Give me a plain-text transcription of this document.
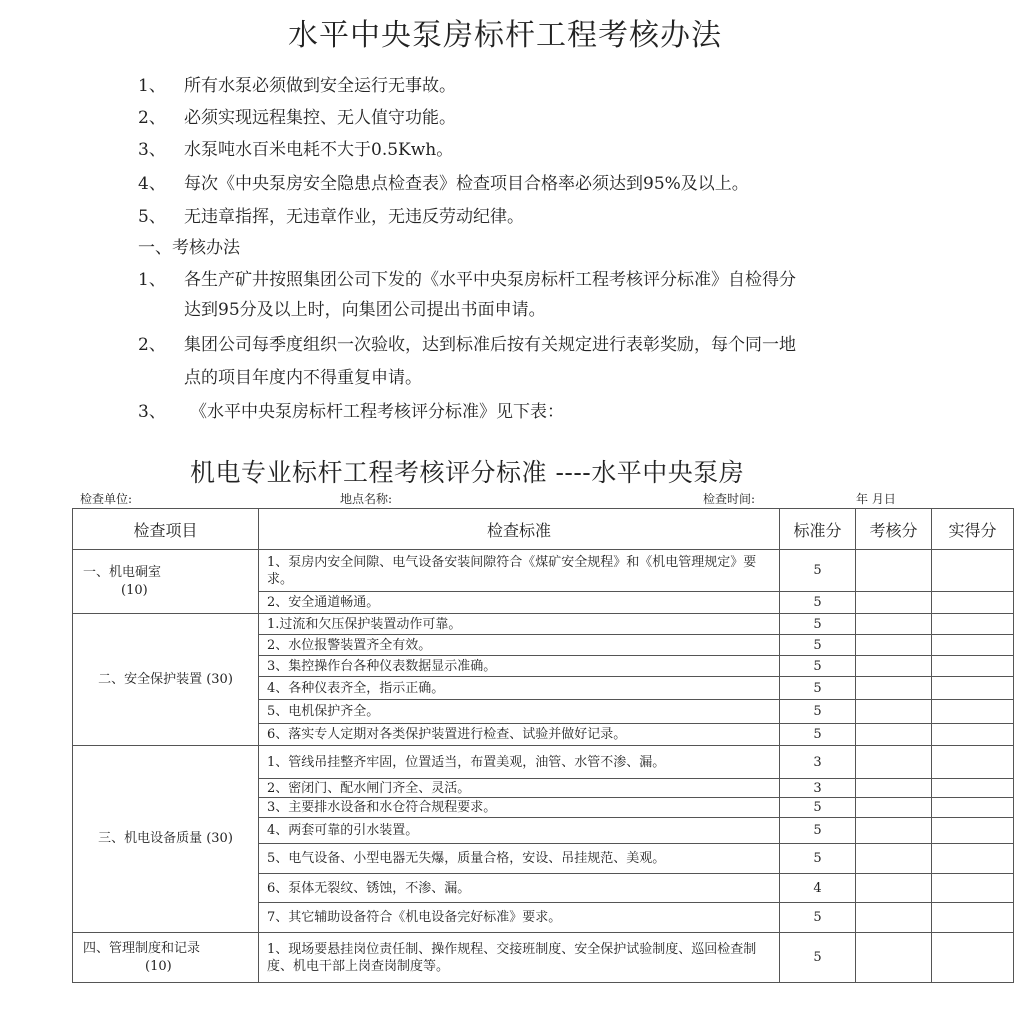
水平中央泵房标杆工程考核办法
1、 所有水泵必须做到安全运行无事故。
2、 必须实现远程集控、无人值守功能。
3、 水泵吨水百米电耗不大于0.5Kwh。
4、 每次《中央泵房安全隐患点检查表》检查项目合格率必须达到95%及以上。
5、 无违章指挥，无违章作业，无违反劳动纪律。
一、考核办法
1、 各生产矿井按照集团公司下发的《水平中央泵房标杆工程考核评分标准》自检得分
达到95分及以上时，向集团公司提出书面申请。
2、 集团公司每季度组织一次验收，达到标准后按有关规定进行表彰奖励，每个同一地
点的项目年度内不得重复申请。
3、 《水平中央泵房标杆工程考核评分标准》见下表：
机电专业标杆工程考核评分标准 ----水平中央泵房
检查单位:	地点名称:	检查时间:	年 月日
检查项目	检查标准	标准分	考核分	实得分

一、机电硐室
(10)	1、泵房内安全间隙、电气设备安装间隙符合《煤矿安全规程》和《机电管理规定》要求。	5		
	2、安全通道畅通。	5		

二、安全保护装置 (30)	1.过流和欠压保护装置动作可靠。	5		
	2、水位报警装置齐全有效。	5		
	3、集控操作台各种仪表数据显示准确。	5		
	4、各种仪表齐全，指示正确。	5		
	5、电机保护齐全。	5		
	6、落实专人定期对各类保护装置进行检查、试验并做好记录。	5		

三、机电设备质量 (30)	1、管线吊挂整齐牢固，位置适当，布置美观，油管、水管不渗、漏。	3		
	2、密闭门、配水闸门齐全、灵活。	3		
	3、主要排水设备和水仓符合规程要求。	5		
	4、两套可靠的引水装置。	5		
	5、电气设备、小型电器无失爆，质量合格，安设、吊挂规范、美观。	5		
	6、泵体无裂纹、锈蚀，不渗、漏。	4		
	7、其它辅助设备符合《机电设备完好标准》要求。	5		

四、管理制度和记录
(10)	1、现场要悬挂岗位责任制、操作规程、交接班制度、安全保护试验制度、巡回检查制度、机电干部上岗查岗制度等。	5		
